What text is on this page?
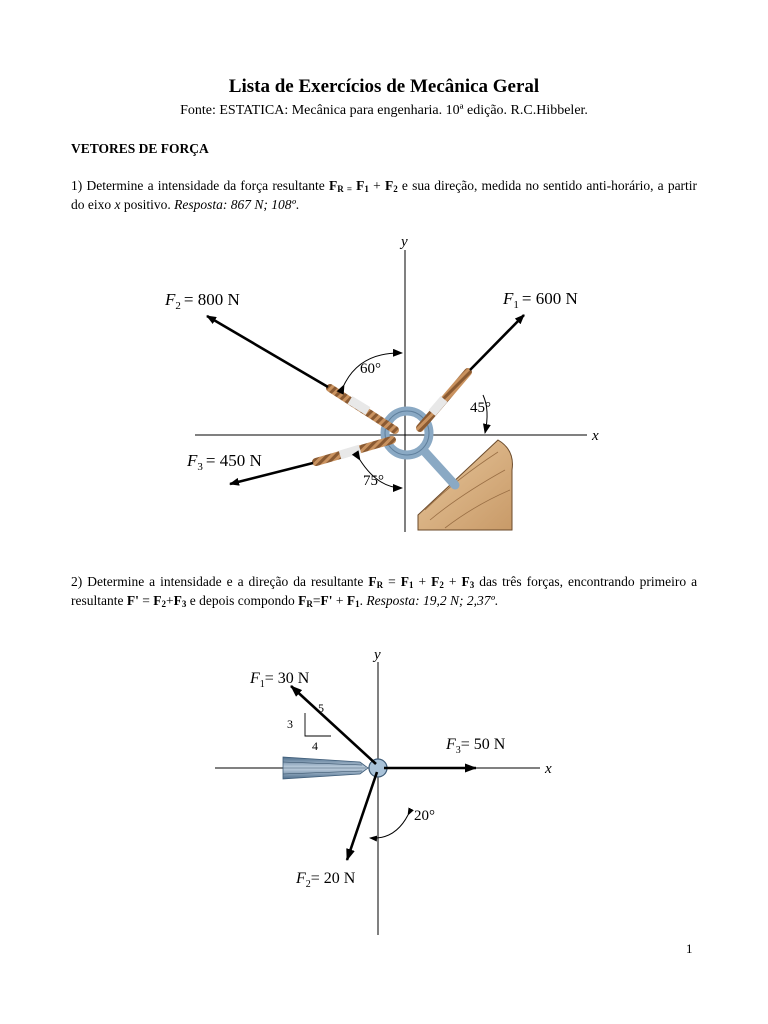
Lista de Exercícios de Mecânica Geral
Fonte: ESTATICA: Mecânica para engenharia. 10ª edição. R.C.Hibbeler.
VETORES DE FORÇA
1) Determine a intensidade da força resultante $F_{R =}$ $F_1 + F_2$ e sua direção, medida no sentido anti-horário, a partir do eixo x positivo. Resposta: 867 N; 108º.
y
x
$F_2 = 800$ N	$F_1 = 600$ N
$F_3 = 450$ N
60°
45°
75°
2) Determine a intensidade e a direção da resultante $F_R = F_1 + F_2 + F_3$ das três forças, encontrando primeiro a resultante $F' = F_2+F_3$ e depois compondo $F_R=F' + F_1$. Resposta: 19,2 N; 2,37º.
y
x
5
3
4
20°
$F_1= 30$ N
$F_3= 50$ N
$F_2= 20$ N
1
